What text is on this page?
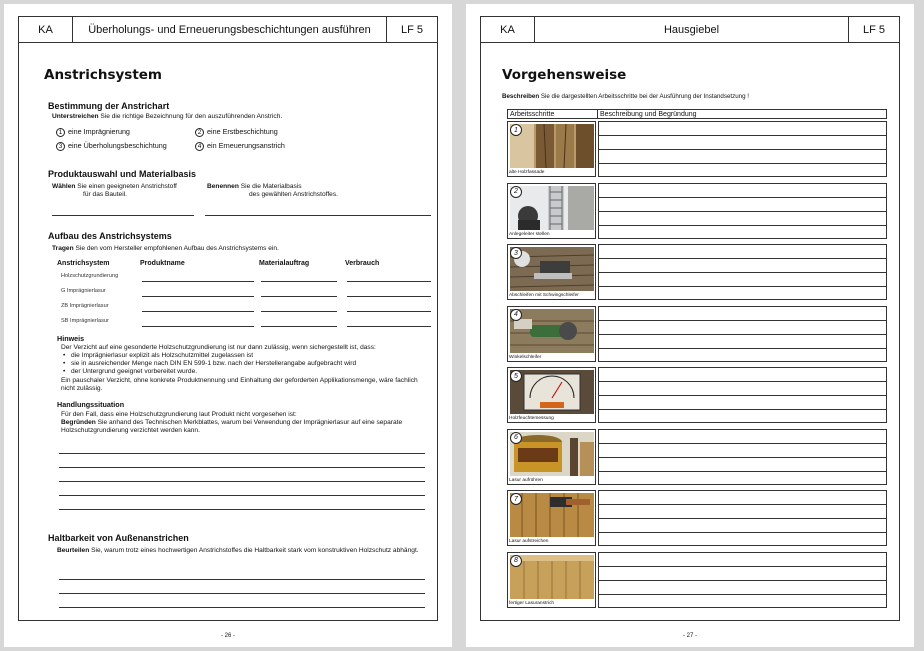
KA	Überholungs- und Erneuerungsbeschichtungen ausführen	LF 5
Anstrichsystem
Bestimmung der Anstrichart
Unterstreichen Sie die richtige Bezeichnung für den auszuführenden Anstrich.
1 eine Imprägnierung	2 eine Erstbeschichtung
3 eine Überholungsbeschichtung	4 ein Erneuerungsanstrich
Produktauswahl und Materialbasis
Wählen Sie einen geeigneten Anstrichstoff
für das Bauteil.
Benennen Sie die Materialbasis
des gewählten Anstrichstoffes.
Aufbau des Anstrichsystems
Tragen Sie den vom Hersteller empfohlenen Aufbau des Anstrichsystems ein.
Anstrichsystem	Produktname	Materialauftrag	Verbrauch
Holzschutzgrundierung
G Imprägnierlasur
ZB Imprägnierlasur
SB Imprägnierlasur
Hinweis
Der Verzicht auf eine gesonderte Holzschutzgrundierung ist nur dann zulässig, wenn sichergestellt ist, dass:
• die Imprägnierlasur explizit als Holzschutzmittel zugelassen ist
• sie in ausreichender Menge nach DIN EN 599-1 bzw. nach der Herstellerangabe aufgebracht wird
• der Untergrund geeignet vorbereitet wurde.
Ein pauschaler Verzicht, ohne konkrete Produktnennung und Einhaltung der geforderten Applikationsmenge, wäre fachlich nicht zulässig.
Handlungssituation
Für den Fall, dass eine Holzschutzgrundierung laut Produkt nicht vorgesehen ist:
Begründen Sie anhand des Technischen Merkblattes, warum bei Verwendung der Imprägnierlasur auf eine separate Holzschutzgrundierung verzichtet werden kann.
Haltbarkeit von Außenanstrichen
Beurteilen Sie, warum trotz eines hochwertigen Anstrichstoffes die Haltbarkeit stark vom konstruktiven Holzschutz abhängt.
- 26 -
KA	Hausgiebel	LF 5
Vorgehensweise
Beschreiben Sie die dargestellten Arbeitsschritte bei der Ausführung der Instandsetzung !
Arbeitsschritte	Beschreibung und Begründung
1
alte Holzfassade
2
Anlegeleiter stellen
3
Abschleifen mit Schwingschleifer
4
Winkelschleifer
5
Holzfeuchtemessung
6
Lasur aufrühren
7
Lasur aufstreichen
8
fertiger Lasuranstrich
- 27 -
